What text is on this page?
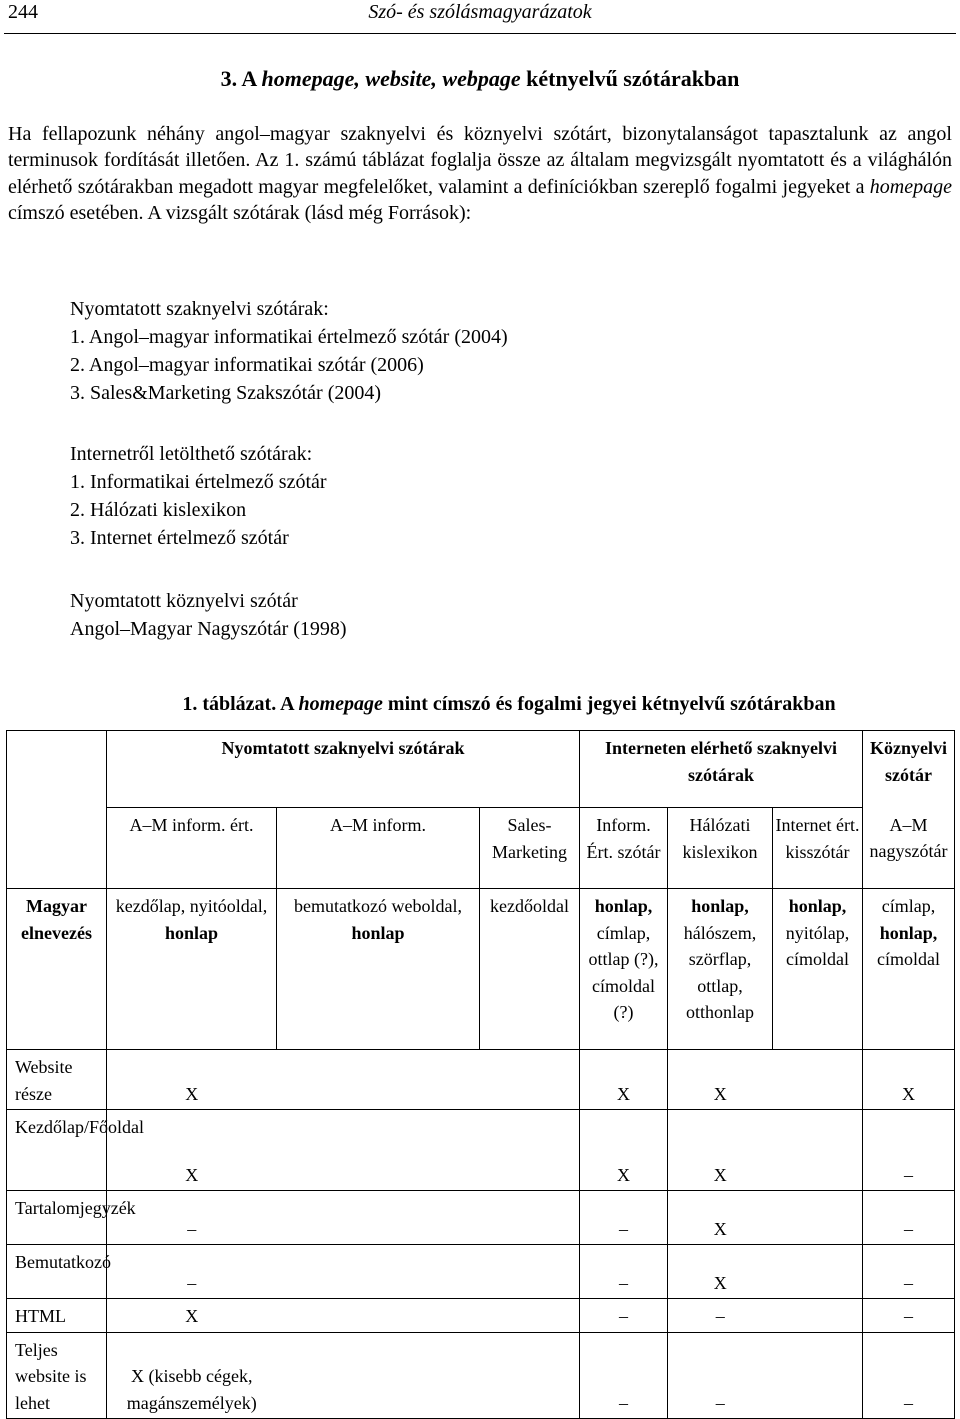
244	Szó- és szólásmagyarázatok
3. A homepage, website, webpage kétnyelvű szótárakban
Ha fellapozunk néhány angol–magyar szaknyelvi és köznyelvi szótárt, bizonytalanságot tapasztalunk az angol terminusok fordítását illetően. Az 1. számú táblázat foglalja össze az általam megvizsgált nyomtatott és a világhálón elérhető szótárakban megadott magyar megfelelőket, valamint a definíciókban szereplő fogalmi jegyeket a homepage címszó esetében. A vizsgált szótárak (lásd még Források):
Nyomtatott szaknyelvi szótárak:
1. Angol–magyar informatikai értelmező szótár (2004)
2. Angol–magyar informatikai szótár (2006)
3. Sales&Marketing Szakszótár (2004)
Internetről letölthető szótárak:
1. Informatikai értelmező szótár
2. Hálózati kislexikon
3. Internet értelmező szótár
Nyomtatott köznyelvi szótár
Angol–Magyar Nagyszótár (1998)
1. táblázat. A homepage mint címszó és fogalmi jegyei kétnyelvű szótárakban
	Nyomtatott szaknyelvi szótárak			Interneten elérhető szaknyelvi szótárak			Köznyelvi szótár
	A–M inform. ért.	A–M inform.	Sales-Marketing	Inform. Ért. szótár	Hálózati kislexikon	Internet ért. kisszótár	A–M nagyszótár
Magyar elnevezés	kezdőlap, nyitóoldal, honlap	bemutatkozó weboldal, honlap	kezdőoldal	honlap, címlap, ottlap (?), címoldal (?)	honlap, hálószem, szörflap, ottlap, otthonlap	honlap, nyitólap, címoldal	címlap, honlap, címoldal
Website része	X			X	X		X
Kezdőlap/Főoldal	X			X	X		–
Tartalomjegyzék	–			–	X		–
Bemutatkozó	–			–	X		–
HTML	X			–	–		–
Teljes website is lehet	X (kisebb cégek, magánszemélyek)			–	–		–
